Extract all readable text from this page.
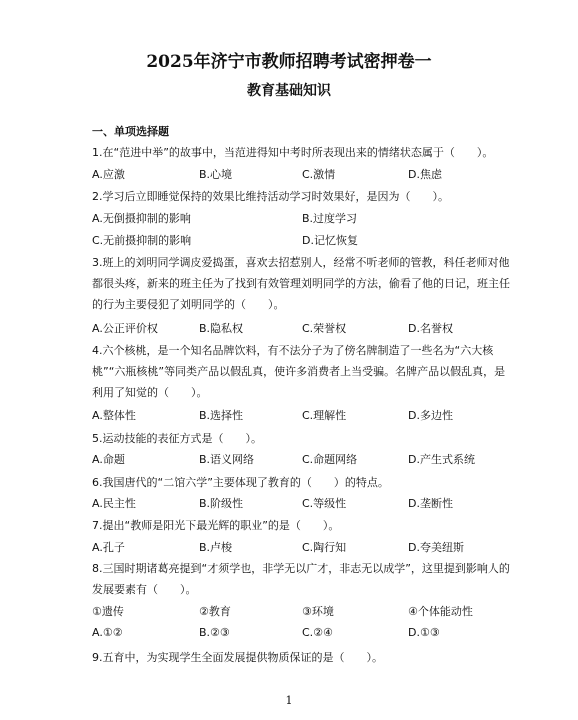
2025年济宁市教师招聘考试密押卷一
教育基础知识
一、单项选择题
1.在“范进中举”的故事中，当范进得知中考时所表现出来的情绪状态属于（　　）。
A.应激	B.心境	C.激情	D.焦虑
2.学习后立即睡觉保持的效果比维持活动学习时效果好，是因为（　　）。
A.无倒摄抑制的影响	B.过度学习
C.无前摄抑制的影响	D.记忆恢复
3.班上的刘明同学调皮爱捣蛋，喜欢去招惹别人，经常不听老师的管教，科任老师对他都很头疼，新来的班主任为了找到有效管理刘明同学的方法，偷看了他的日记，班主任的行为主要侵犯了刘明同学的（　　）。
A.公正评价权	B.隐私权	C.荣誉权	D.名誉权
4.六个核桃，是一个知名品牌饮料，有不法分子为了傍名牌制造了一些名为“六大核桃”“六瓶核桃”等同类产品以假乱真，使许多消费者上当受骗。名牌产品以假乱真，是利用了知觉的（　　）。
A.整体性	B.选择性	C.理解性	D.多边性
5.运动技能的表征方式是（　　）。
A.命题	B.语义网络	C.命题网络	D.产生式系统
6.我国唐代的“二馆六学”主要体现了教育的（　　）的特点。
A.民主性	B.阶级性	C.等级性	D.垄断性
7.提出“教师是阳光下最光辉的职业”的是（　　）。
A.孔子	B.卢梭	C.陶行知	D.夸美纽斯
8.三国时期诸葛亮提到“才须学也，非学无以广才，非志无以成学”，这里提到影响人的发展要素有（　　）。
①遗传	②教育	③环境	④个体能动性
A.①②	B.②③	C.②④	D.①③
9.五育中，为实现学生全面发展提供物质保证的是（　　）。
1
